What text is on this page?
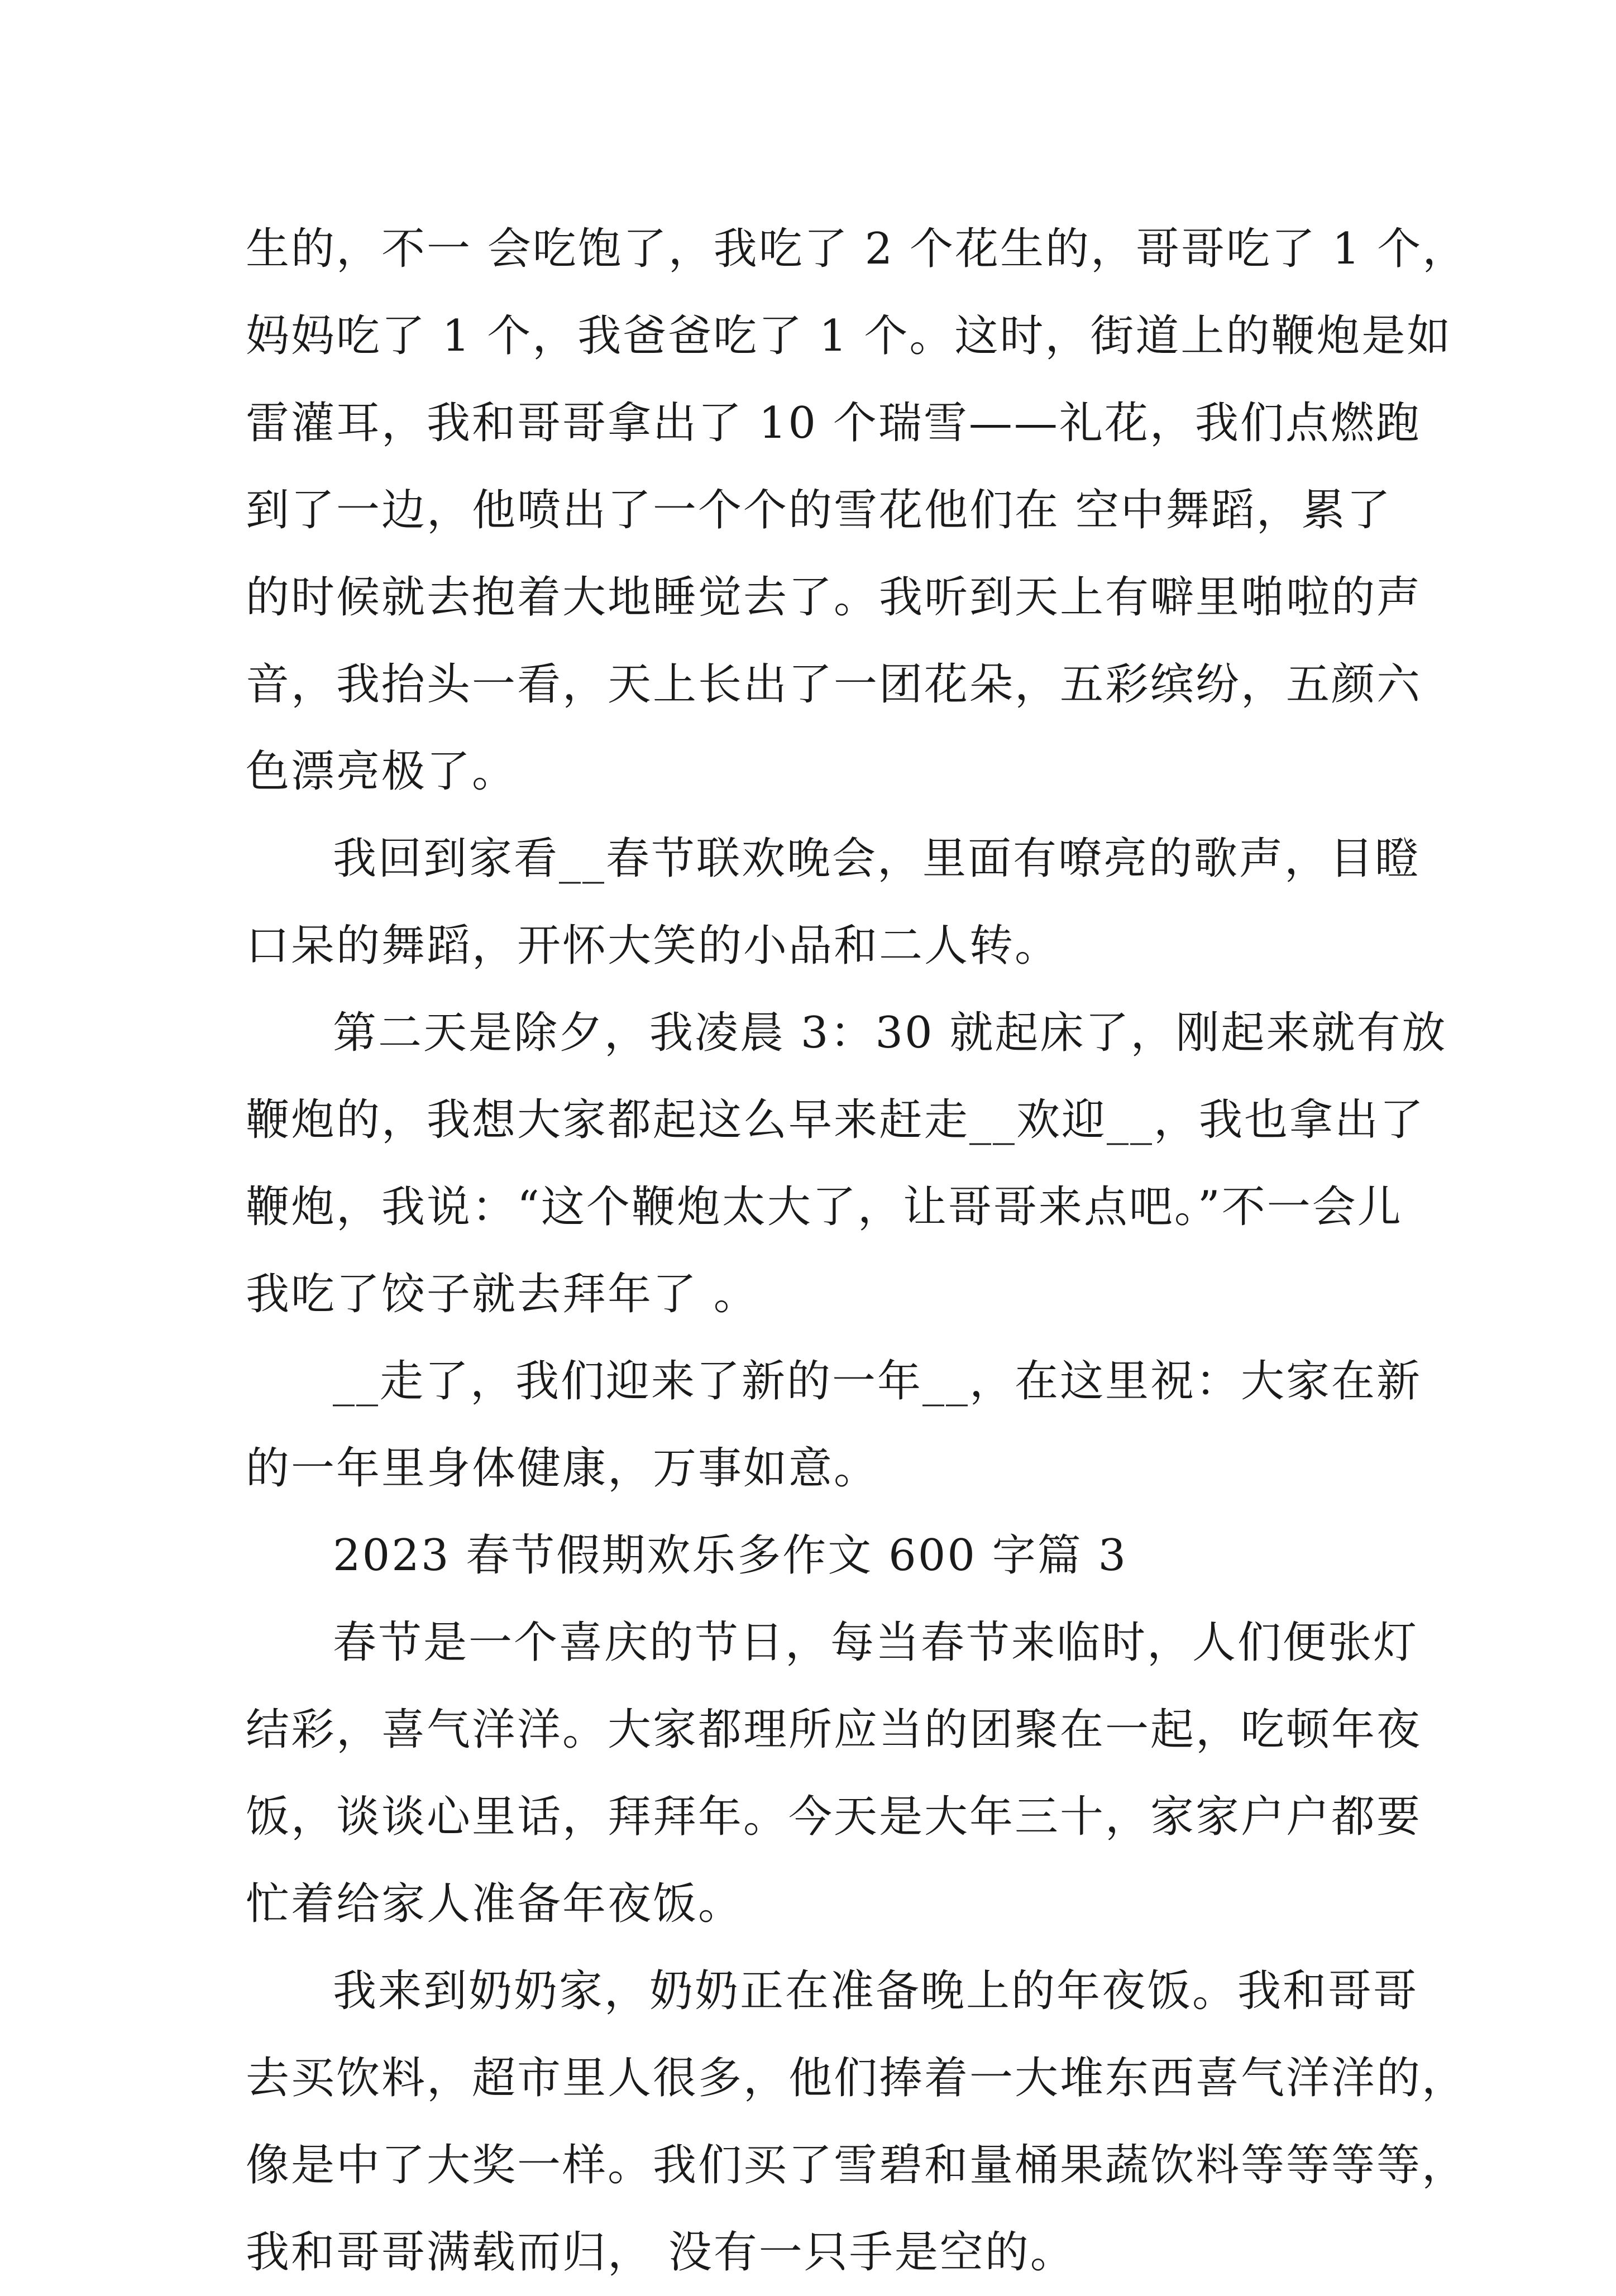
生的，不一 会吃饱了，我吃了 2 个花生的，哥哥吃了 1 个，
妈妈吃了 1 个，我爸爸吃了 1 个。这时，街道上的鞭炮是如
雷灌耳，我和哥哥拿出了 10 个瑞雪——礼花，我们点燃跑
到了一边，他喷出了一个个的雪花他们在 空中舞蹈，累了
的时候就去抱着大地睡觉去了。我听到天上有噼里啪啦的声
音，我抬头一看，天上长出了一团花朵，五彩缤纷，五颜六
色漂亮极了。
我回到家看__春节联欢晚会，里面有嘹亮的歌声，目瞪
口呆的舞蹈，开怀大笑的小品和二人转。
第二天是除夕，我凌晨 3：30 就起床了，刚起来就有放
鞭炮的，我想大家都起这么早来赶走__欢迎__，我也拿出了
鞭炮，我说：“这个鞭炮太大了，让哥哥来点吧。”不一会儿
我吃了饺子就去拜年了 。
__走了，我们迎来了新的一年__，在这里祝：大家在新
的一年里身体健康，万事如意。
2023 春节假期欢乐多作文 600 字篇 3
春节是一个喜庆的节日，每当春节来临时，人们便张灯
结彩，喜气洋洋。大家都理所应当的团聚在一起，吃顿年夜
饭，谈谈心里话，拜拜年。今天是大年三十，家家户户都要
忙着给家人准备年夜饭。
我来到奶奶家，奶奶正在准备晚上的年夜饭。我和哥哥
去买饮料，超市里人很多，他们捧着一大堆东西喜气洋洋的，
像是中了大奖一样。我们买了雪碧和量桶果蔬饮料等等等等，
我和哥哥满载而归， 没有一只手是空的。
